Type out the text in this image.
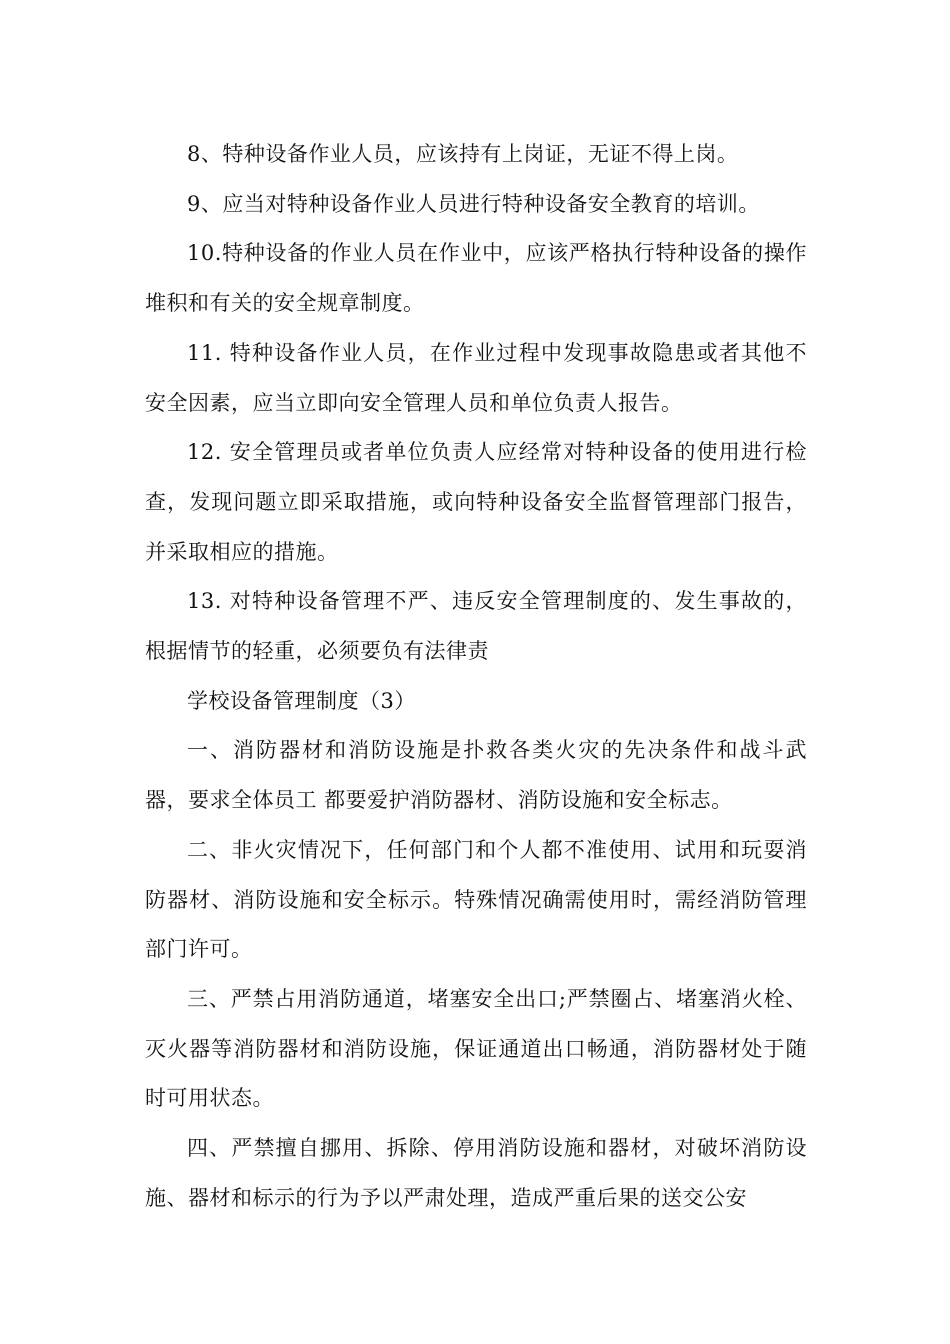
8、特种设备作业人员，应该持有上岗证，无证不得上岗。

9、应当对特种设备作业人员进行特种设备安全教育的培训。

10.特种设备的作业人员在作业中，应该严格执行特种设备的操作堆积和有关的安全规章制度。

11. 特种设备作业人员，在作业过程中发现事故隐患或者其他不安全因素，应当立即向安全管理人员和单位负责人报告。

12. 安全管理员或者单位负责人应经常对特种设备的使用进行检查，发现问题立即采取措施，或向特种设备安全监督管理部门报告，并采取相应的措施。

13. 对特种设备管理不严、违反安全管理制度的、发生事故的，根据情节的轻重，必须要负有法律责

学校设备管理制度（3）

一、消防器材和消防设施是扑救各类火灾的先决条件和战斗武器，要求全体员工 都要爱护消防器材、消防设施和安全标志。

二、非火灾情况下，任何部门和个人都不准使用、试用和玩耍消防器材、消防设施和安全标示。特殊情况确需使用时，需经消防管理部门许可。

三、严禁占用消防通道，堵塞安全出口;严禁圈占、堵塞消火栓、灭火器等消防器材和消防设施，保证通道出口畅通，消防器材处于随时可用状态。

四、严禁擅自挪用、拆除、停用消防设施和器材，对破坏消防设施、器材和标示的行为予以严肃处理，造成严重后果的送交公安
